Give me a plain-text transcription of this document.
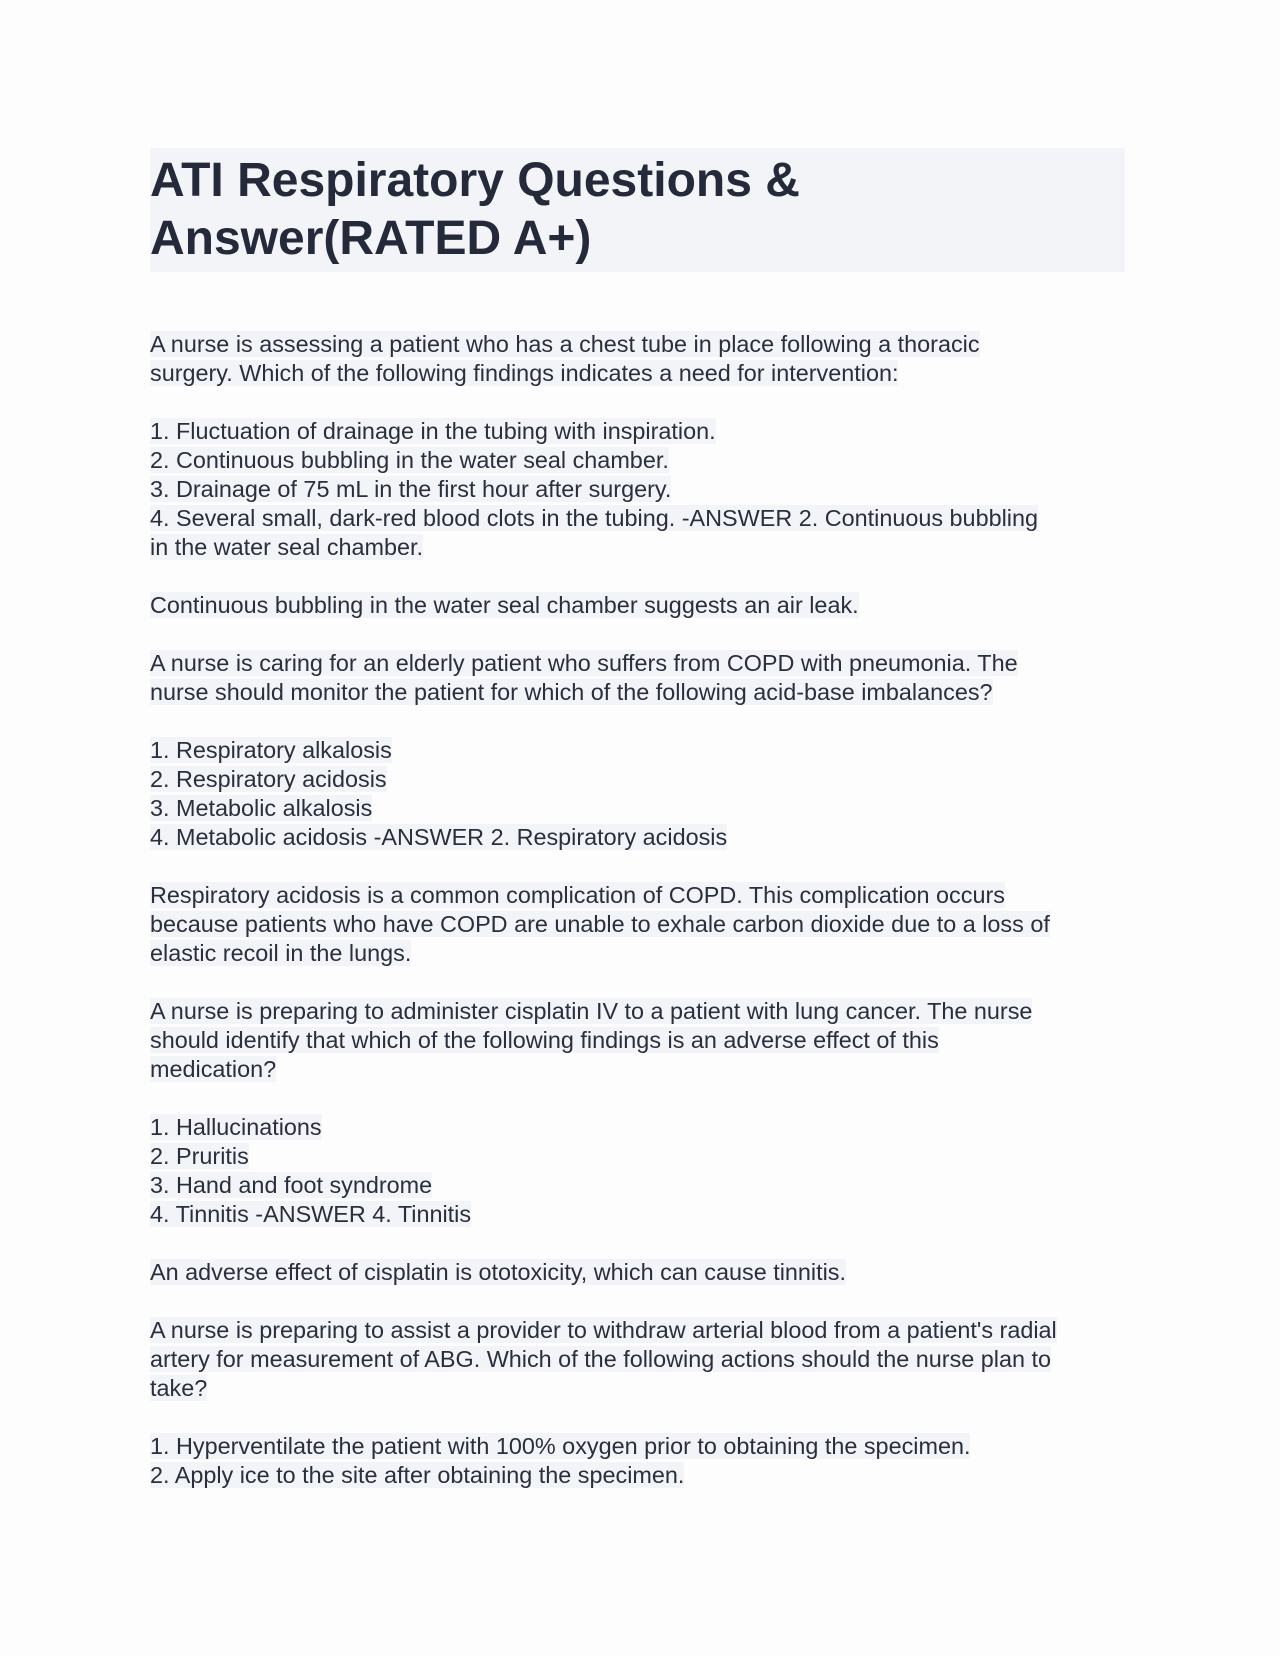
ATI Respiratory Questions &
Answer(RATED A+)
A nurse is assessing a patient who has a chest tube in place following a thoracic
surgery. Which of the following findings indicates a need for intervention:
1. Fluctuation of drainage in the tubing with inspiration.
2. Continuous bubbling in the water seal chamber.
3. Drainage of 75 mL in the first hour after surgery.
4. Several small, dark-red blood clots in the tubing. -ANSWER 2. Continuous bubbling
in the water seal chamber.
Continuous bubbling in the water seal chamber suggests an air leak.
A nurse is caring for an elderly patient who suffers from COPD with pneumonia. The
nurse should monitor the patient for which of the following acid-base imbalances?
1. Respiratory alkalosis
2. Respiratory acidosis
3. Metabolic alkalosis
4. Metabolic acidosis -ANSWER 2. Respiratory acidosis
Respiratory acidosis is a common complication of COPD. This complication occurs
because patients who have COPD are unable to exhale carbon dioxide due to a loss of
elastic recoil in the lungs.
A nurse is preparing to administer cisplatin IV to a patient with lung cancer. The nurse
should identify that which of the following findings is an adverse effect of this
medication?
1. Hallucinations
2. Pruritis
3. Hand and foot syndrome
4. Tinnitis -ANSWER 4. Tinnitis
An adverse effect of cisplatin is ototoxicity, which can cause tinnitis.
A nurse is preparing to assist a provider to withdraw arterial blood from a patient's radial
artery for measurement of ABG. Which of the following actions should the nurse plan to
take?
1. Hyperventilate the patient with 100% oxygen prior to obtaining the specimen.
2. Apply ice to the site after obtaining the specimen.
